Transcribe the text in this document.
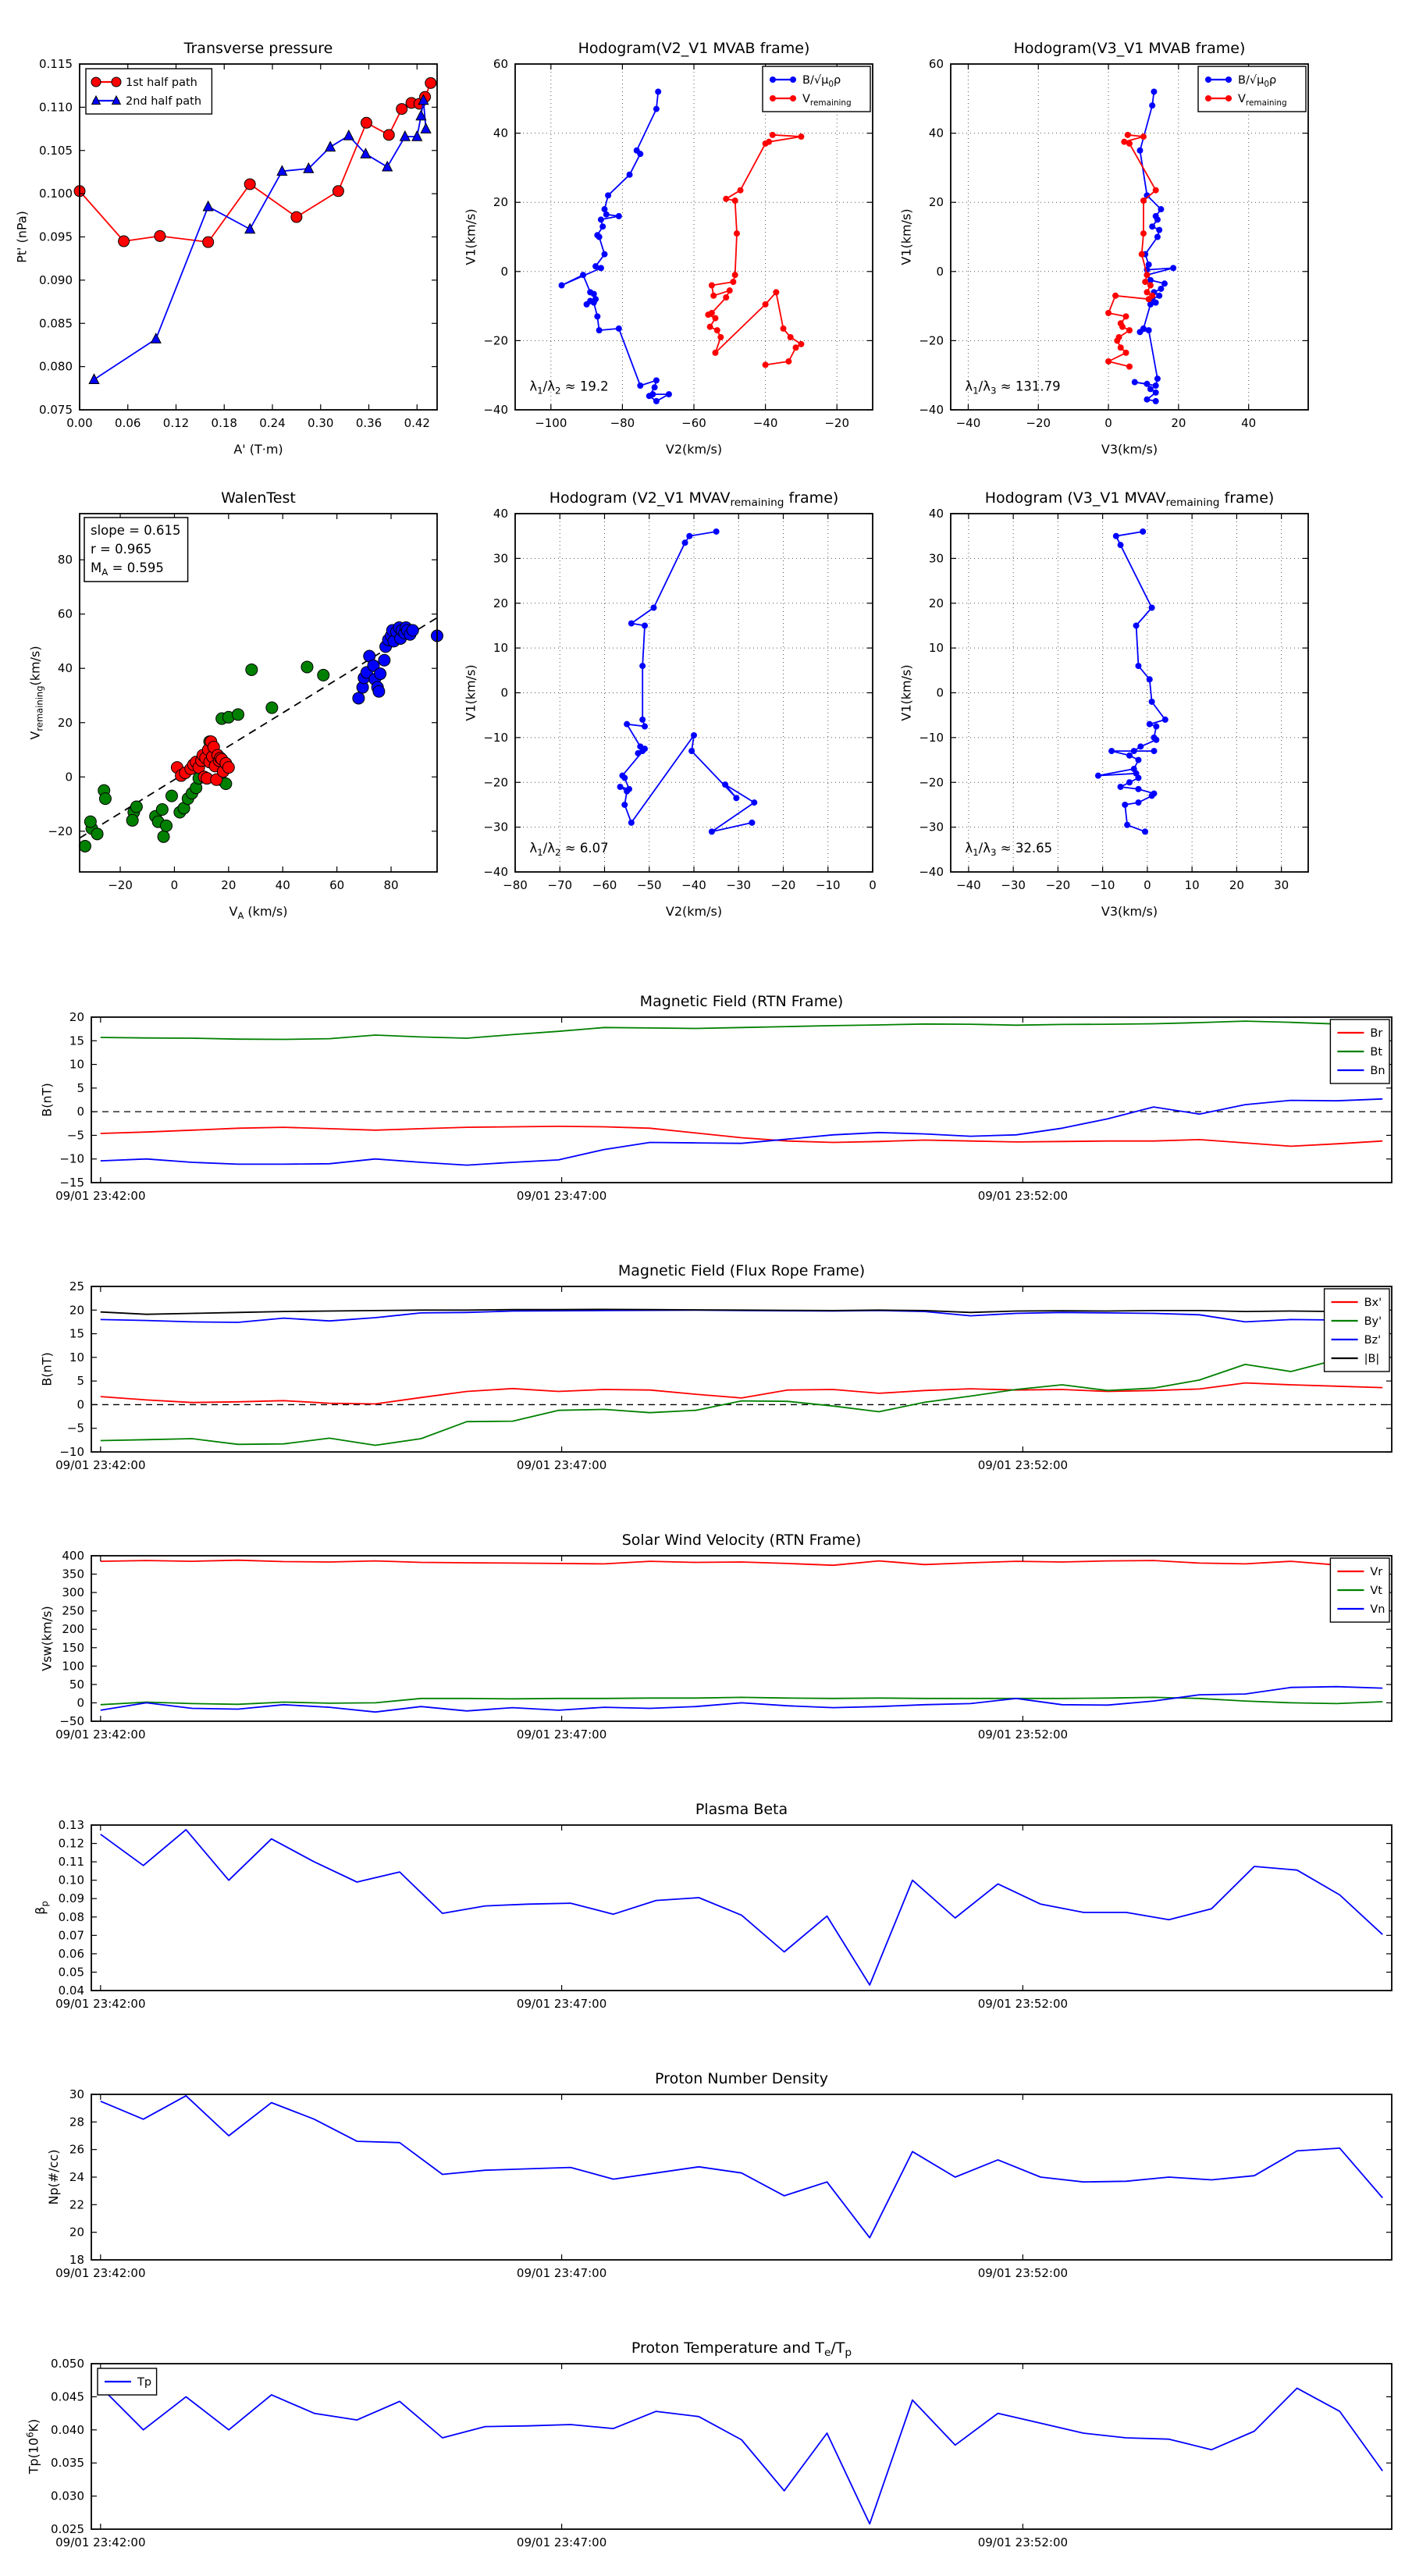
0.00 0.06 0.12 0.18 0.24 0.30 0.36 0.42
0.075
0.080
0.085
0.090
0.095
0.100
0.105
0.110
0.115
Transverse pressure
A' (T·m)
Pt' (nPa)
1st half path
2nd half path
−100	−80	−60	−40	−20
−40
−20
0
20
40
60
Hodogram(V2_V1 MVAB frame)
V2(km/s)
V1(km/s)
$\lambda_1/\lambda_2 \approx 19.2$
$B/√\mu_0\rho$
$V_{remaining}$
−40	−20	0	20	40
−40
−20
0
20
40
60
Hodogram(V3_V1 MVAB frame)
V3(km/s)
V1(km/s)
$\lambda_1/\lambda_3 \approx 131.79$
$B/√\mu_0\rho$
$V_{remaining}$
−20	0	20	40	60	80
−20
0
20
40
60
80
WalenTest
$V_A$ (km/s)
$V_{remaining}(km/s)$
slope = 0.615
r = 0.965
$M_A = 0.595$
−80 −70 −60 −50 −40 −30 −20 −10 0
−40
−30
−20
−10
0
10
20
30
40
Hodogram (V2_V1 $MVAV_{remaining}$ frame)
V2(km/s)
V1(km/s)
$\lambda_1/\lambda_2 \approx 6.07$
−40 −30 −20 −10 0	10	20	30
−40
−30
−20
−10
0
10
20
30
40
Hodogram (V3_V1 $MVAV_{remaining}$ frame)
V3(km/s)
V1(km/s)
$\lambda_1/\lambda_3 \approx 32.65$
09/01 23:42:00	09/01 23:47:00	09/01 23:52:00
−15
−10
−5
0
5
10
15
20
Magnetic Field (RTN Frame)
B(nT)
Br
Bt
Bn
09/01 23:42:00	09/01 23:47:00	09/01 23:52:00
−10
−5
0
5
10
15
20
25
Magnetic Field (Flux Rope Frame)
B(nT)
Bx'
By'
Bz'
|B|
09/01 23:42:00	09/01 23:47:00	09/01 23:52:00
−50
0
50
100
150
200
250
300
350
400
Solar Wind Velocity (RTN Frame)
Vsw(km/s)
Vr
Vt
Vn
09/01 23:42:00	09/01 23:47:00	09/01 23:52:00
0.04
0.05
0.06
0.07
0.08
0.09
0.10
0.11
0.12
0.13
Plasma Beta
$\beta_p$
09/01 23:42:00	09/01 23:47:00	09/01 23:52:00
18
20
22
24
26
28
30
Proton Number Density
Np(#/cc)
09/01 23:42:00	09/01 23:47:00	09/01 23:52:00
0.025
0.030
0.035
0.040
0.045
0.050
Proton Temperature and $T_e/T_p$
$Tp(10^6K)$
Tp
